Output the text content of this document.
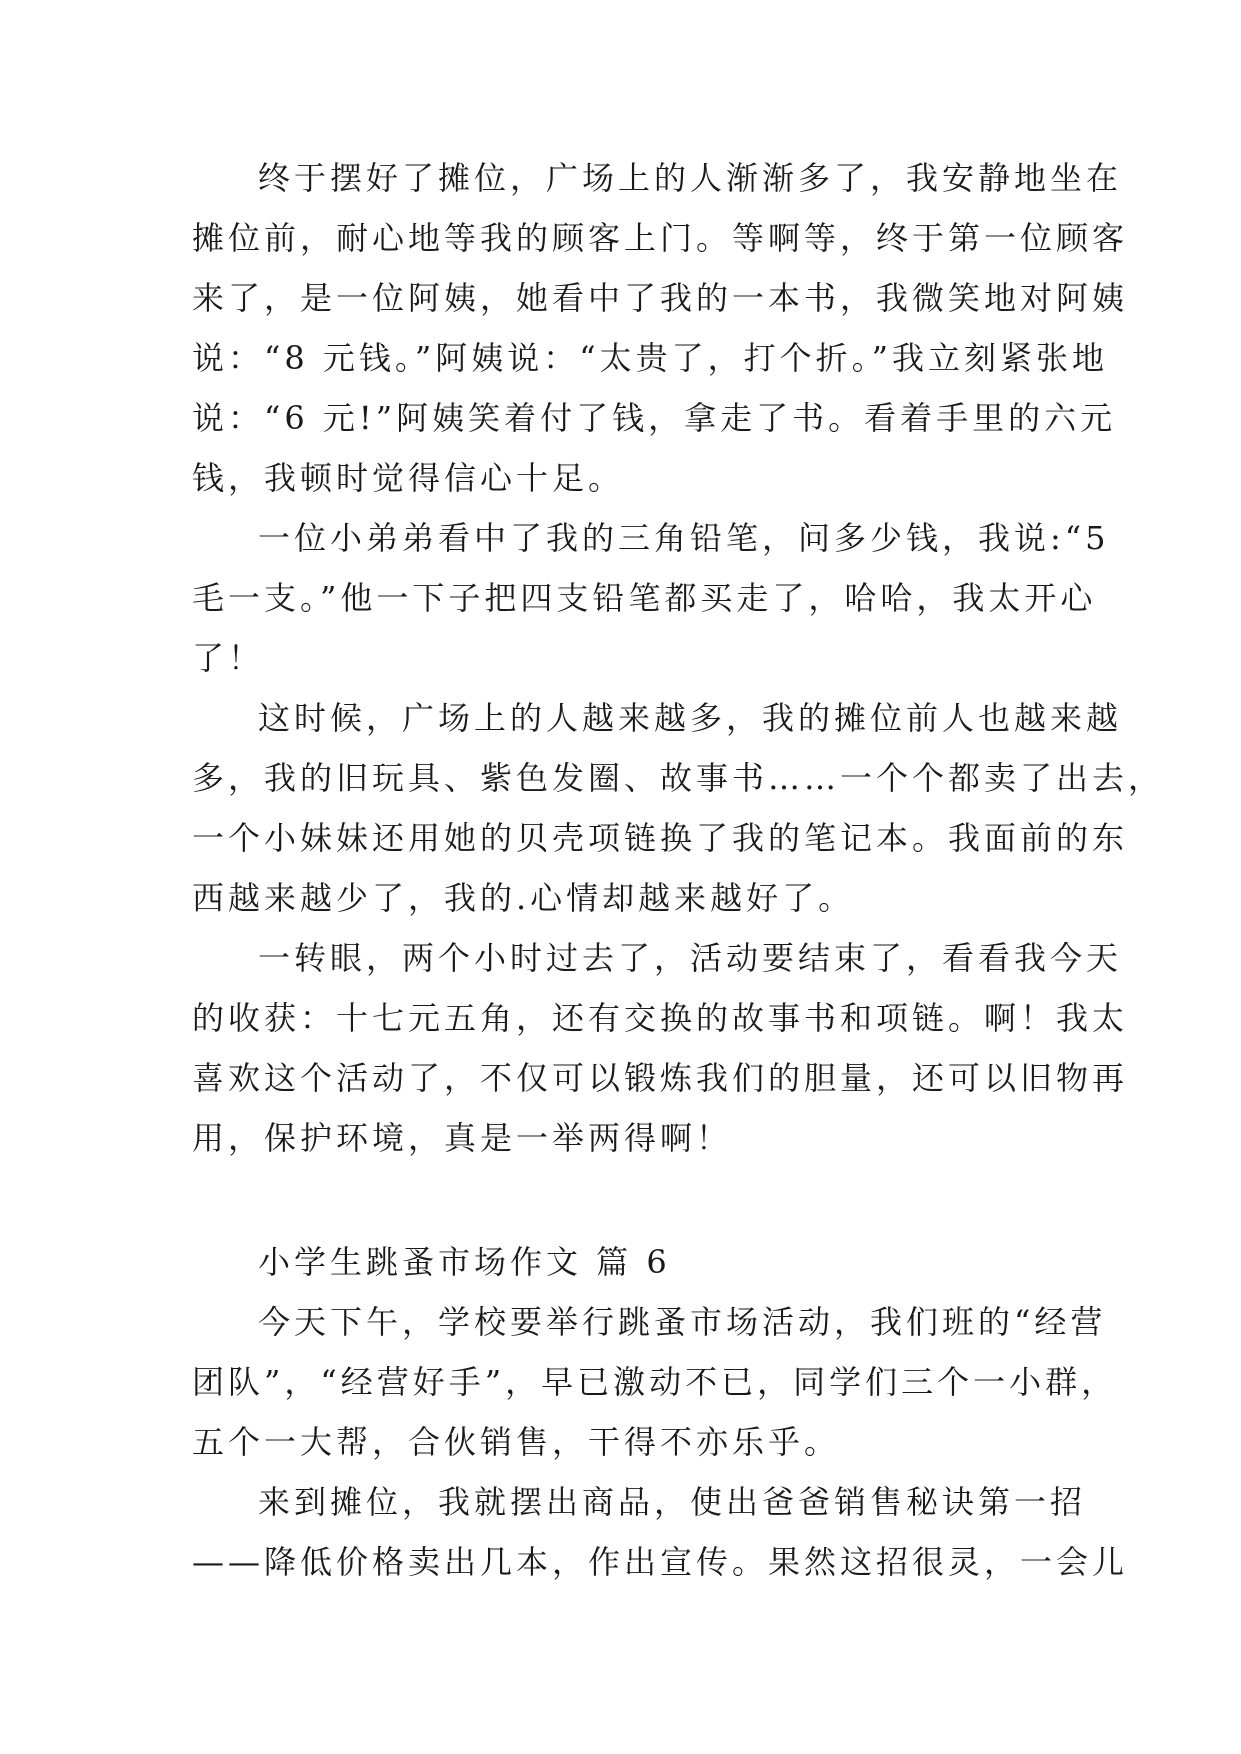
终于摆好了摊位，广场上的人渐渐多了，我安静地坐在
摊位前，耐心地等我的顾客上门。等啊等，终于第一位顾客
来了，是一位阿姨，她看中了我的一本书，我微笑地对阿姨
说：“8 元钱。”阿姨说：“太贵了，打个折。”我立刻紧张地
说：“6 元!”阿姨笑着付了钱，拿走了书。看着手里的六元
钱，我顿时觉得信心十足。
一位小弟弟看中了我的三角铅笔，问多少钱，我说:“5
毛一支。”他一下子把四支铅笔都买走了，哈哈，我太开心
了！
这时候，广场上的人越来越多，我的摊位前人也越来越
多，我的旧玩具、紫色发圈、故事书……一个个都卖了出去，
一个小妹妹还用她的贝壳项链换了我的笔记本。我面前的东
西越来越少了，我的.心情却越来越好了。
一转眼，两个小时过去了，活动要结束了，看看我今天
的收获：十七元五角，还有交换的故事书和项链。啊！我太
喜欢这个活动了，不仅可以锻炼我们的胆量，还可以旧物再
用，保护环境，真是一举两得啊！
小学生跳蚤市场作文 篇 6
今天下午，学校要举行跳蚤市场活动，我们班的“经营
团队”，“经营好手”，早已激动不已，同学们三个一小群，
五个一大帮，合伙销售，干得不亦乐乎。
来到摊位，我就摆出商品，使出爸爸销售秘诀第一招
——降低价格卖出几本，作出宣传。果然这招很灵，一会儿
